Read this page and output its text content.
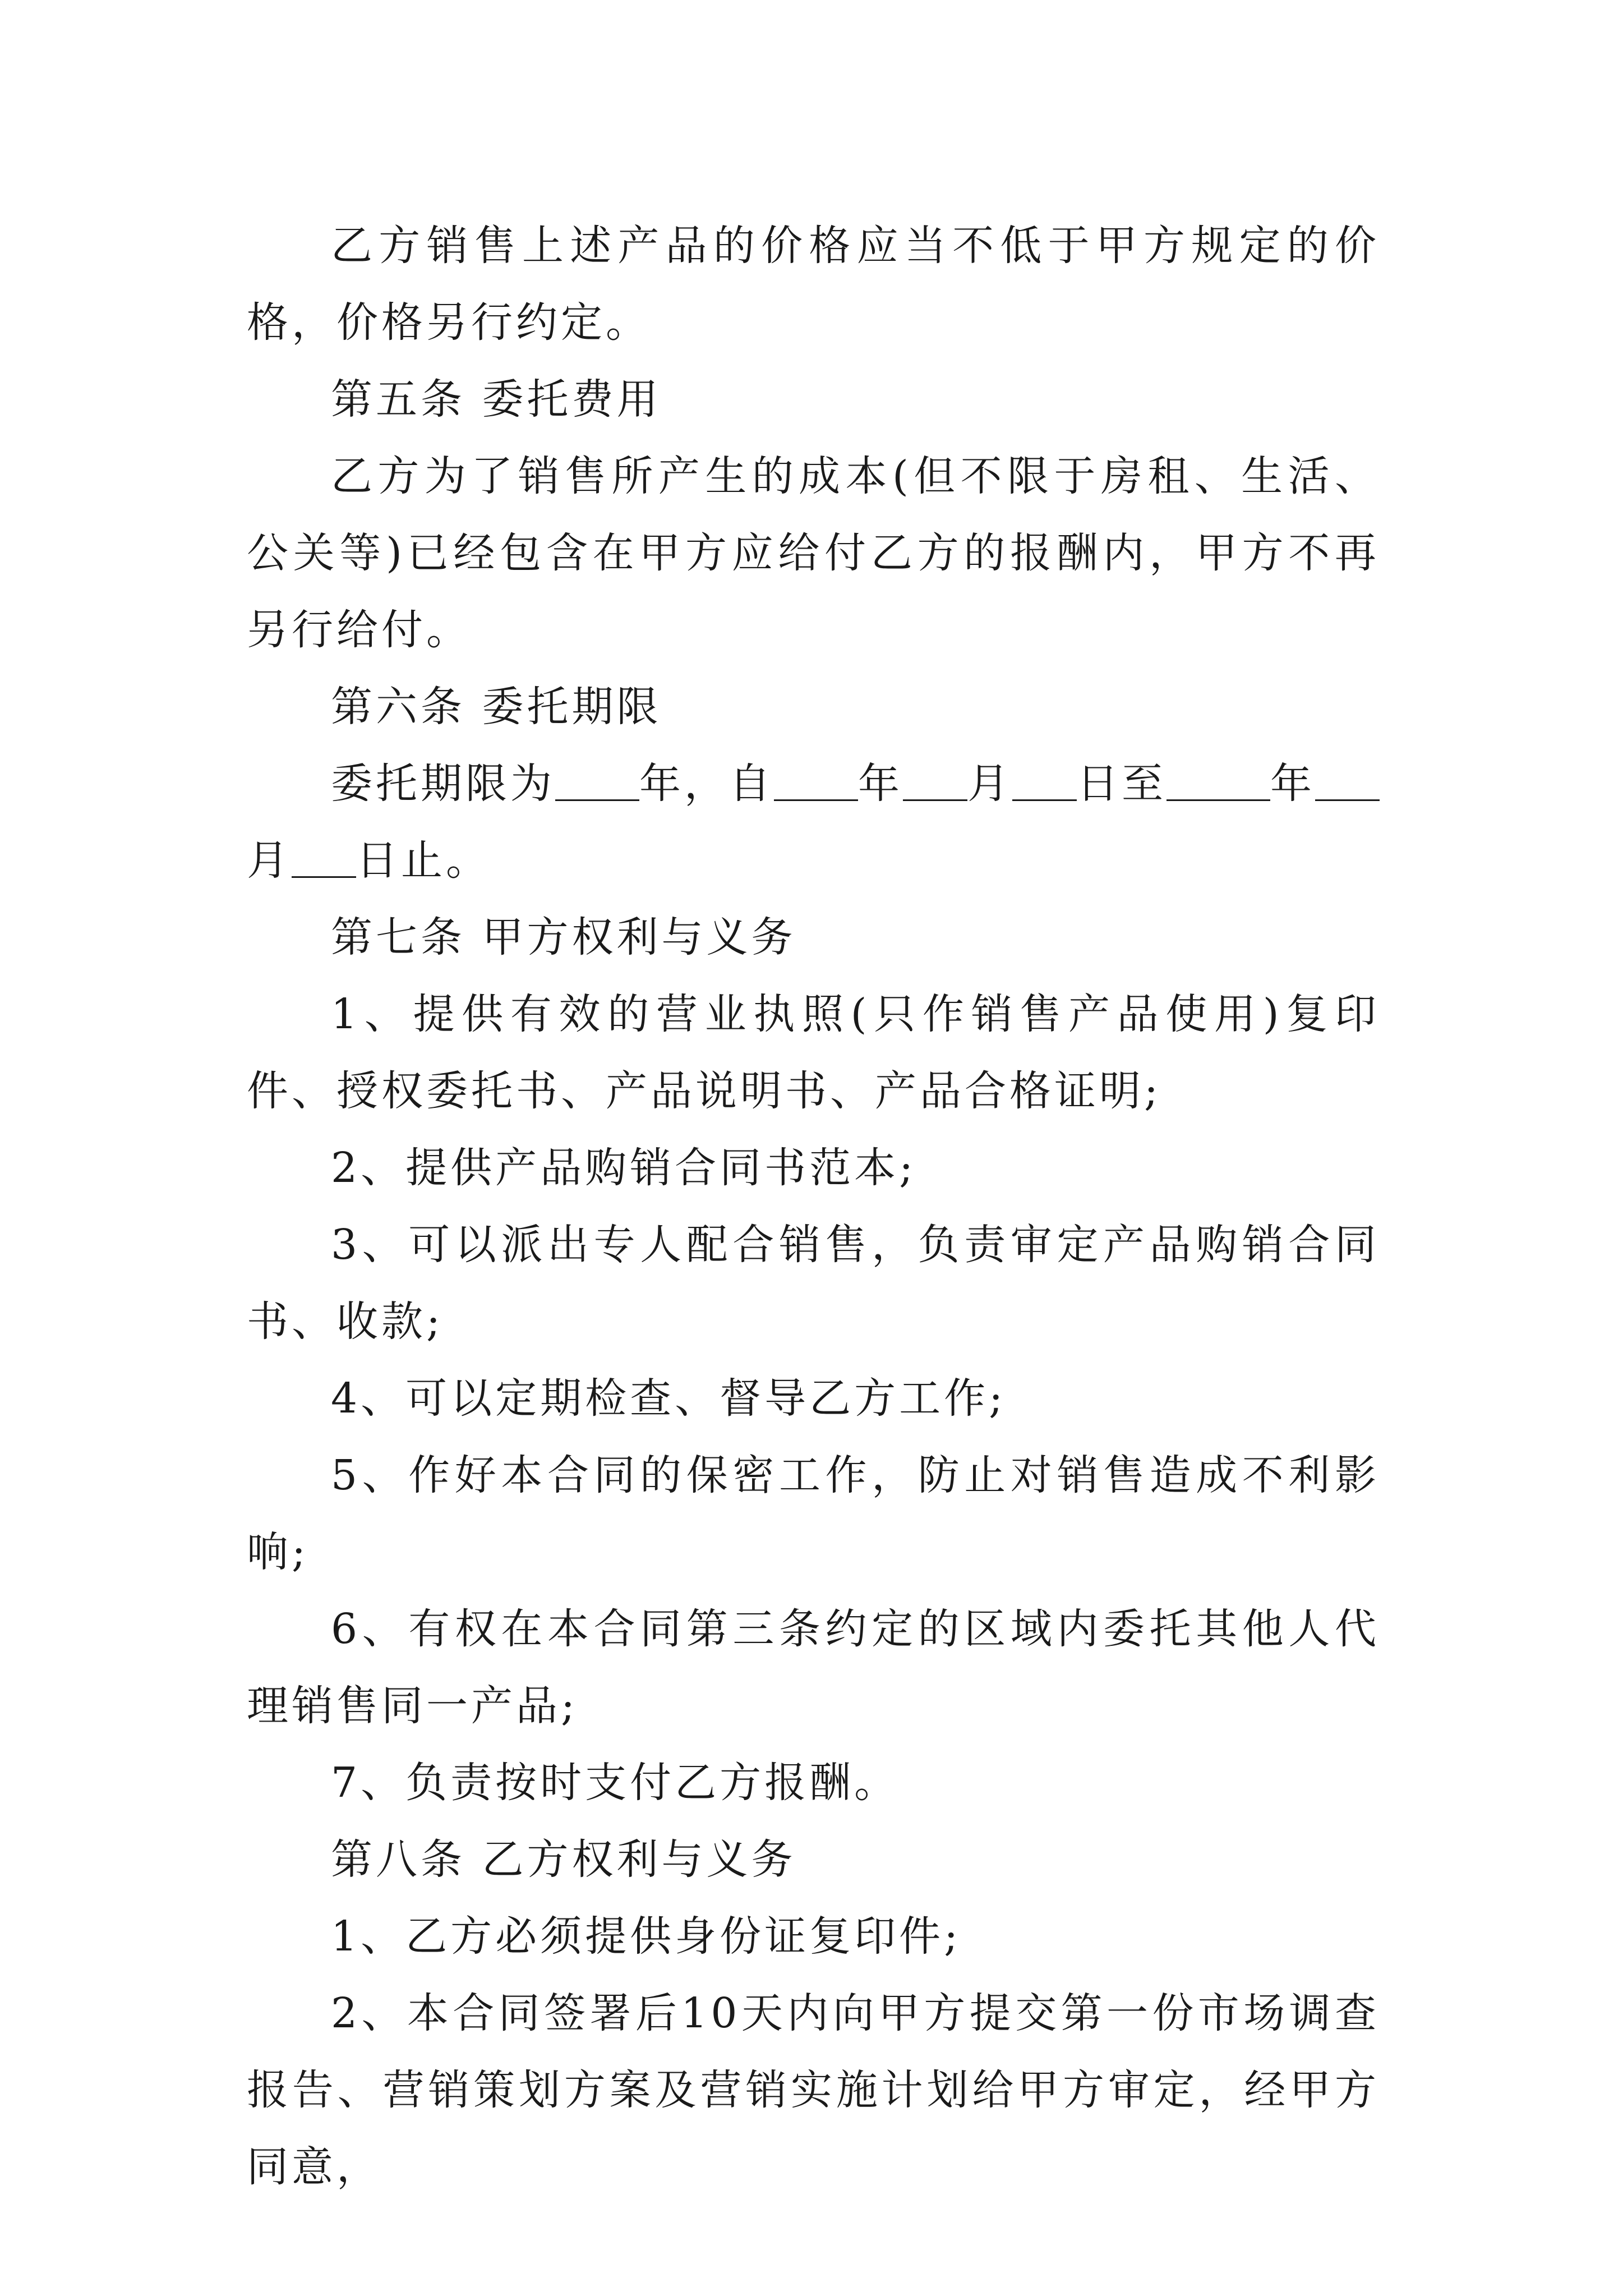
乙方销售上述产品的价格应当不低于甲方规定的价格，价格另行约定。

第五条 委托费用

乙方为了销售所产生的成本(但不限于房租、生活、公关等)已经包含在甲方应给付乙方的报酬内，甲方不再另行给付。

第六条 委托期限

委托期限为 年，自 年 月 日至	年月 日止。

第七条 甲方权利与义务

1、提供有效的营业执照(只作销售产品使用)复印件、授权委托书、产品说明书、产品合格证明;

2、提供产品购销合同书范本;

3、可以派出专人配合销售，负责审定产品购销合同书、收款;

4、可以定期检查、督导乙方工作;

5、作好本合同的保密工作，防止对销售造成不利影响;

6、有权在本合同第三条约定的区域内委托其他人代理销售同一产品;

7、负责按时支付乙方报酬。

第八条 乙方权利与义务

1、乙方必须提供身份证复印件;

2、本合同签署后10天内向甲方提交第一份市场调查报告、营销策划方案及营销实施计划给甲方审定，经甲方同意，
